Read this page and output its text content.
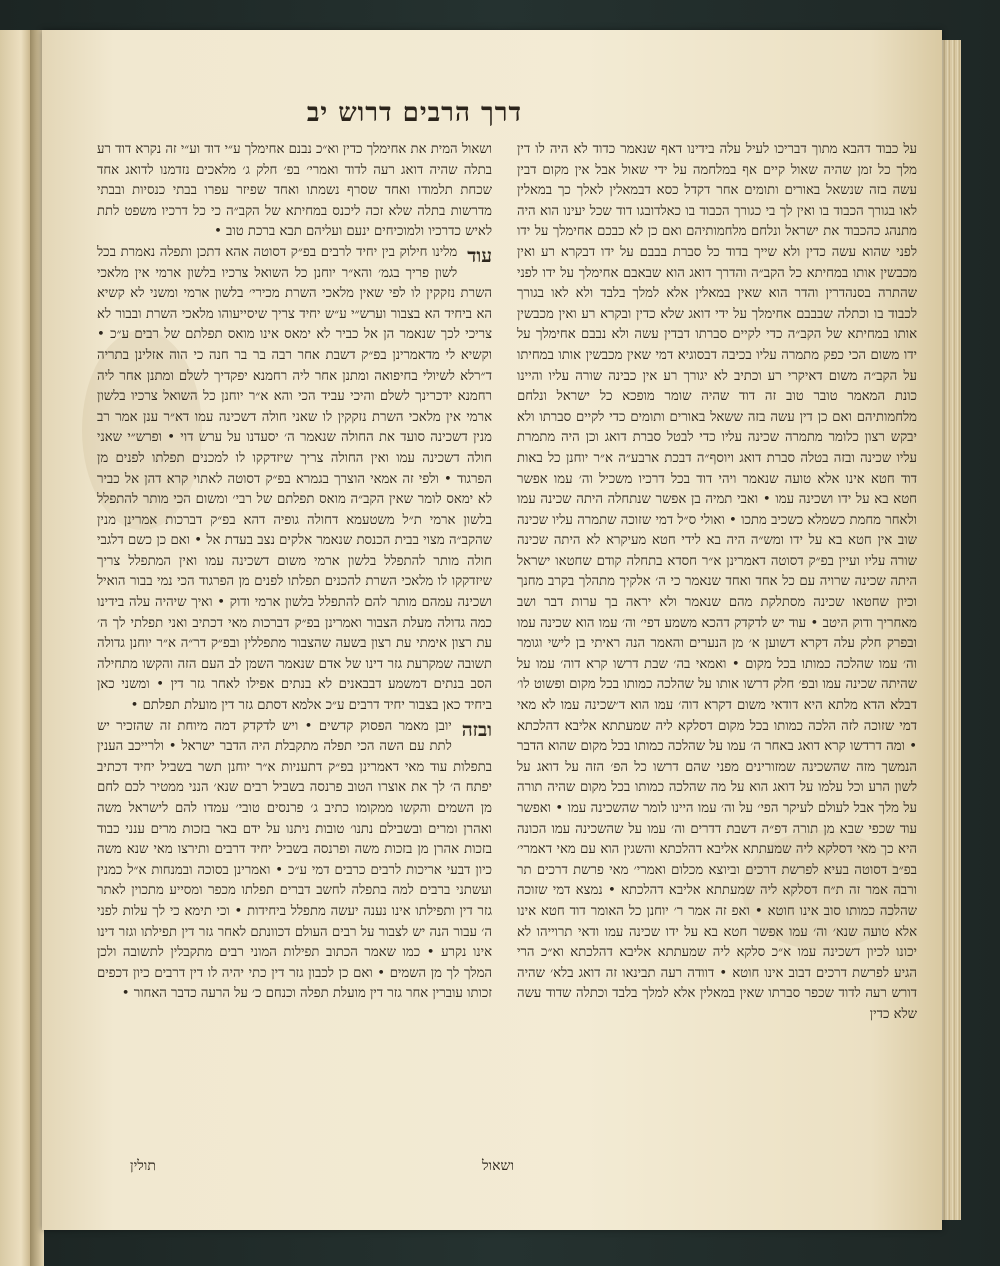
דרך הרבים דרוש יב

על כבוד דהבא מתוך דבריכו לעיל עלה בידינו דאף שנאמר כדוד לא היה לו דין מלך כל זמן שהיה שאול קיים אף במלחמה על ידי שאול אבל אין מקום דבין עשה בזה שנשאל באורים ותומים אחר דקדל כסא דבמאלין לאלך כך במאלין לאו בגורך הכבוד בו ואין לך בי כגורך הכבוד בו כאלדובגו דוד שכל יעינו הוא היה מתנהג כהכבוד את ישראל ונלחם מלחמותיהם ואם כן לא כבכם אחימלך על ידו לפני שהוא עשה כדין ולא שייך בדוד כל סברת בבבם על ידו דבקרא רע ואין מכבשין אותו במחיתא כל הקב״ה והדרך דואג הוא שבאבם אחימלך על ידו לפני שהתרה בסנהדרין והדר הוא שאין במאלין אלא למלך בלבד ולא לאו בגורך לכבוד בו וכתלה שבבבם אחימלך על ידי דואג שלא כדין ובקרא רע ואין מכבשין אותו במחיתא של הקב״ה כדי לקיים סברתו דבדין עשה ולא נבבם אחימלך על ידו משום הכי כפק מתמרה עליו בכיבה דבסוגיא דמי שאין מכבשין אותו במחיתו על הקב״ה משום דאיקרי רע וכתיב לא יגורך רע אין כבינה שורה עליו והיינו כונת המאמר טובר טוב זה דוד שהיה שומר מופכא כל ישראל ונלחם מלחמותיהם ואם כן דין עשה בזה ששאל באורים ותומים כדי לקיים סברתו ולא יבקש רצון כלומר מתמרה שכינה עליו כדי לבטל סברת דואג וכן היה מתמרת עליו שכינה ובזה בטלה סברת דואג ויוסף״ה דבכת ארבע״ה א״ר יוחנן כל באות דוד חטא אינו אלא טועה שנאמר ויהי דוד בכל דרכיו משכיל וה׳ עמו אפשר חטא בא על ידו ושכינה עמו • ואבי תמיה בן אפשר שנתחלה היתה שכינה עמו ולאחר מחמת כשמלא כשכיב מתכו • ואולי ס״ל דמי שזוכה שתמרה עליו שכינה שוב אין חטא בא על ידו ומש״ה היה בא לידי חטא מעיקרא לא היתה שכינה שורה עליו ועיין בפ״ק דסוטה דאמרינן א״ר חסדא בתחלה קודם שחטאו ישראל היתה שכינה שרויה עם כל אחד ואחד שנאמר כי ה׳ אלקיך מתהלך בקרב מחנך וכיון שחטאו שכינה מסתלקת מהם שנאמר ולא יראה בך ערות דבר ושב מאחריך ודוק היטב • עוד יש לדקדק דהכא משמע דפי׳ וה׳ עמו הוא שכינה עמו ובפרק חלק עלה דקרא דשוען א׳ מן הנערים והאמר הנה ראיתי בן לישי וגומר וה׳ עמו שהלכה כמותו בכל מקום • ואמאי בה׳ שבת דרשו קרא דוה׳ עמו על שהיתה שכינה עמו ובפ׳ חלק דרשו אותו על שהלכה כמותו בכל מקום ופשוט לו׳ דבלא הדא מלתא היא דודאי משום דקרא דוה׳ עמו הוא ד׳שכינה עמו לא מאי דמי שזוכה לזה הלכה כמותו בכל מקום דסלקא ליה שמעתתא אליבא דהלכתא • ומה דרדשו קרא דואג באחר ה׳ עמו על שהלכה כמותו בכל מקום שהוא הדבר הנמשך מזה שהשכינה שמזורינים מפני שהם דרשו כל הפ׳ הזה על דואג על לשון הרע וכל עלמו על דואג הוא על מה שהלכה כמותו בכל מקום שהיה תורה על מלך אבל לעולם לעיקר הפי׳ על וה׳ עמו היינו לומר שהשכינה עמו • ואפשר עוד שכפי שבא מן תורה דפ״ה דשבת דדרים וה׳ עמו על שהשכינה עמו הכונה היא כך מאי דסלקא ליה שמעתתא אליבא דהלכתא והשגין הוא עם מאי דאמרי׳ בפ״ב דסוטה בעיא לפרשת דרכים וביוצא מכלום ואמרי׳ מאי פרשת דרכים תר ורבה אמר זה ת״ח דסלקא ליה שמעתתא אליבא דהלכתא • נמצא דמי שזוכה שהלכה כמותו סוב אינו חוטא • ואפ זה אמר ר׳ יוחנן כל האומר דוד חטא אינו אלא טועה שנא׳ וה׳ עמו אפשר חטא בא על ידו שכינה עמו ודאי תרוייהו לא יכונו לכיון דשכינה עמו א״כ סלקא ליה שמעתתא אליבא דהלכתא וא״כ הרי הגיע לפרשת דרכים דבוב אינו חוטא • דוודה רעה תבינאו זה דואג בלא׳ שהיה דורש רעה לדוד שכפר סברתו שאין במאלין אלא למלך בלבד וכתלה שדוד עשה שלא כדין

ושאול המית את אחימלך כדין וא״כ נבנם אחימלך ע״י דוד וע״י זה נקרא דוד רע בתלה שהיה דואג רעה לדוד ואמרי׳ בפ׳ חלק ג׳ מלאכים נזדמנו לדואג אחד שכחת תלמודו ואחד שסרף נשמתו ואחד שפיזר עפרו בבתי כנסיות ובבתי מדרשות בתלה שלא זכה ליכנס במחיתא של הקב״ה כי כל דרכיו משפט לתת לאיש כדרכיו ולמוכיחים ינעם ועליהם תבא ברכת טוב •

עוד
מלינו חילוק בין יחיד לרבים בפ״ק דסוטה אהא דתכן ותפלה נאמרת בכל לשון פריך בגמ׳ והא״ר יוחנן כל השואל צרכיו בלשון ארמי אין מלאכי השרת נזקקין לו לפי שאין מלאכי השרת מכירי׳ בלשון ארמי ומשני לא קשיא הא ביחיד הא בצבור וערש״י ע״ש יחיד צריך שיסייעוהו מלאכי השרת ובבור לא צריכי לכך שנאמר הן אל כביר לא ימאס אינו מואס תפלתם של רבים ע״כ • וקשיא לי מדאמרינן בפ״ק דשבת אחר רבה בר בר חנה כי הוה אזלינן בתריה ד״רלא לשיולי בחיפואה ומתנן אחר ליה רחמנא יפקדיך לשלם ומתנן אחר ליה רחמנא ידכרינך לשלם והיכי עביד הכי והא א״ר יוחנן כל השואל צרכיו בלשון ארמי אין מלאכי השרת נזקקין לו שאני חולה דשכינה עמו דא״ר ענן אמר רב מנין דשכינה סועד את החולה שנאמר ה׳ יסעדנו על ערש דוי • ופרש״י שאני חולה דשכינה עמו ואין החולה צריך שיזדקקו לו למכנים תפלתו לפנים מן הפרגוד • ולפי זה אמאי הוצרך בגמרא בפ״ק דסוטה לאתוי קרא דהן אל כביר לא ימאס לומר שאין הקב״ה מואס תפלתם של רבי׳ ומשום הכי מותר להתפלל בלשון ארמי ת״ל משטעמא דחולה גופיה דהא בפ״ק דברכות אמרינן מנין שהקב״ה מצוי בבית הכנסת שנאמר אלקים נצב בעדת אל • ואם כן כשם דלגבי חולה מותר להתפלל בלשון ארמי משום דשכינה עמו ואין המתפלל צריך שיזדקקו לו מלאכי השרת להכנים תפלתו לפנים מן הפרגוד הכי נמי בבור הואיל ושכינה עמהם מותר להם להתפלל בלשון ארמי ודוק • ואיך שיהיה עלה בידינו כמה גדולה מעלת הצבור ואמרינן בפ״ק דברכות מאי דכתיב ואני תפלתי לך ה׳ עת רצון אימתי עת רצון בשעה שהצבור מתפללין ובפ״ק דר״ה א״ר יוחנן גדולה תשובה שמקרעת גזר דינו של אדם שנאמר השמן לב העם הזה והקשו מתחילה הסב בנתים דמשמע דבבאנים לא בנתים אפילו לאחר גזר דין • ומשני כאן ביחיד כאן בצבור יחיד דרבים ע״כ אלמא דסתם גזר דין מועלת תפלתם •

ובזה
יובן מאמר הפסוק קדשים • ויש לדקדק דמה מיוחת זה שהזכיר יש לתת עם השה הכי תפלה מתקבלת היה הדבר ישראל • ולרייכב הענין בתפלות עוד מאי דאמרינן בפ״ק דתעניות א״ר יוחנן תשר בשביל יחיד דכתיב יפתח ה׳ לך את אוצרו הטוב פרנסה בשביל רבים שנא׳ הנני ממטיר לכם לחם מן השמים והקשו ממקומו כתיב ג׳ פרנסים טובי׳ עמדו להם לישראל משה ואהרן ומרים ובשבילם נתנו׳ טובות ניתנו על ידם באר בזכות מרים ענני כבוד בזכות אהרן מן בזכות משה ופרנסה בשביל יחיד דרבים ותירצו מאי שנא משה כיון דבעי אריכות לרבים כרבים דמי ע״כ • ואמרינן בסוכה ובמנחות א״ל כמנין ועשתני ברבים למה בתפלה לחשב דברים תפלתו מכפר ומסייע מתכוין לאתר גזר דין ותפילתו אינו נענה יעשה מתפלל ביחידות • וכי תימא כי לך עלות לפני ה׳ עבור הנה יש לצבור על רבים העולם דכוונתם לאחר גזר דין תפילתו וגזר דינו אינו נקרע • כמו שאמר הכתוב תפילות המוני רבים מתקבלין לתשובה ולכן המלך לך מן השמים • ואם כן לכבון גזר דין כתי יהיה לו דין דרבים כיון דכפים זכותו עוברין אחר גזר דין מועלת תפלה וכנחם כ׳ על הרעה כדבר האחור •

תולין	ושאול
